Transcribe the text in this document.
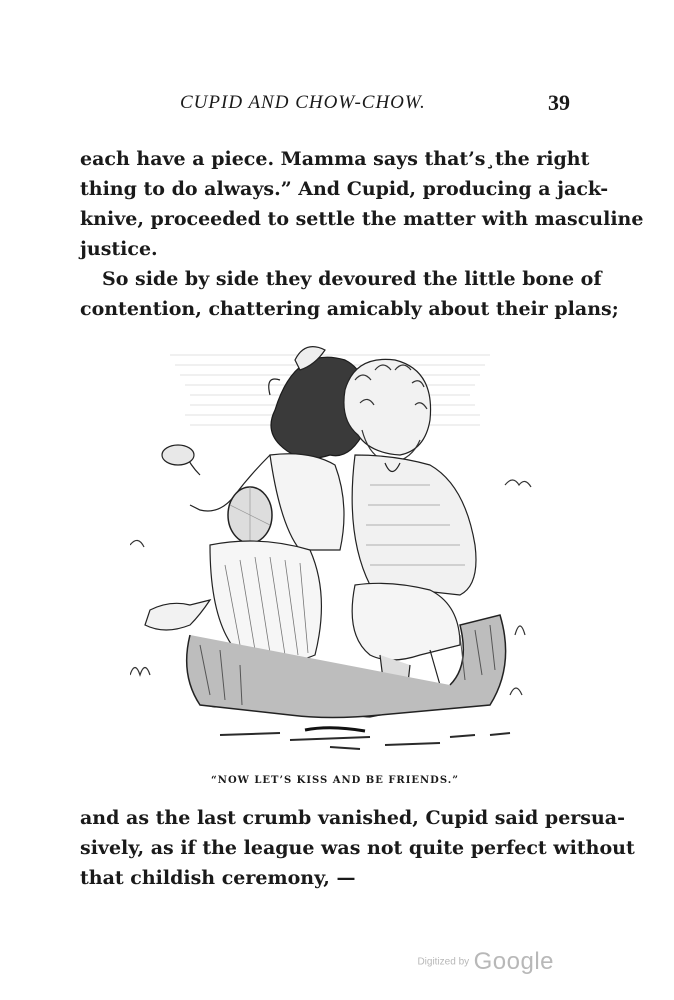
CUPID AND CHOW-CHOW.	39
each have a piece. Mamma says that’s¸the right
thing to do always.” And Cupid, producing a jack-
knive, proceeded to settle the matter with masculine
justice.
So side by side they devoured the little bone of
contention, chattering amicably about their plans;
“NOW LET’S KISS AND BE FRIENDS.”
and as the last crumb vanished, Cupid said persua-
sively, as if the league was not quite perfect without
that childish ceremony, —
Digitized by Google
